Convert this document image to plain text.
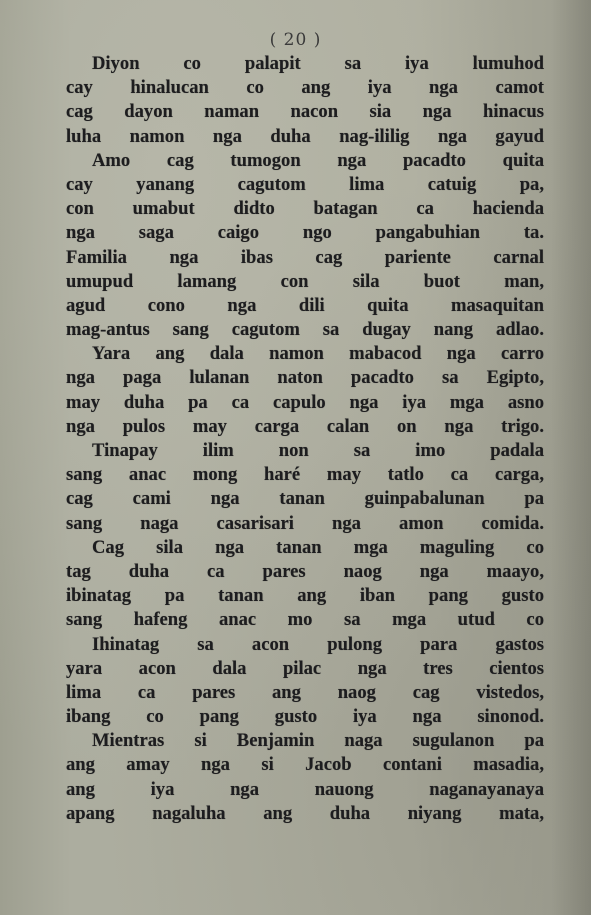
( 20 )
Diyon co palapit sa iya lumuhod
cay hinalucan co ang iya nga camot
cag dayon naman nacon sia nga hinacus
luha namon nga duha nag-ililig nga gayud
Amo cag tumogon nga pacadto quita
cay yanang cagutom lima catuig pa,
con umabut didto batagan ca hacienda
nga saga caigo ngo pangabuhian ta.
Familia nga ibas cag pariente carnal
umupud lamang con sila buot man,
agud cono nga dili quita masaquitan
mag-antus sang cagutom sa dugay nang adlao.
Yara ang dala namon mabacod nga carro
nga paga lulanan naton pacadto sa Egipto,
may duha pa ca capulo nga iya mga asno
nga pulos may carga calan on nga trigo.
Tinapay ilim non sa imo padala
sang anac mong haré may tatlo ca carga,
cag cami nga tanan guinpabalunan pa
sang naga casarisari nga amon comida.
Cag sila nga tanan mga maguling co
tag duha ca pares naog nga maayo,
ibinatag pa tanan ang iban pang gusto
sang hafeng anac mo sa mga utud co
Ihinatag sa acon pulong para gastos
yara acon dala pilac nga tres cientos
lima ca pares ang naog cag vistedos,
ibang co pang gusto iya nga sinonod.
Mientras si Benjamin naga sugulanon pa
ang amay nga si Jacob contani masadia,
ang iya nga nauong naganayanaya
apang nagaluha ang duha niyang mata,
